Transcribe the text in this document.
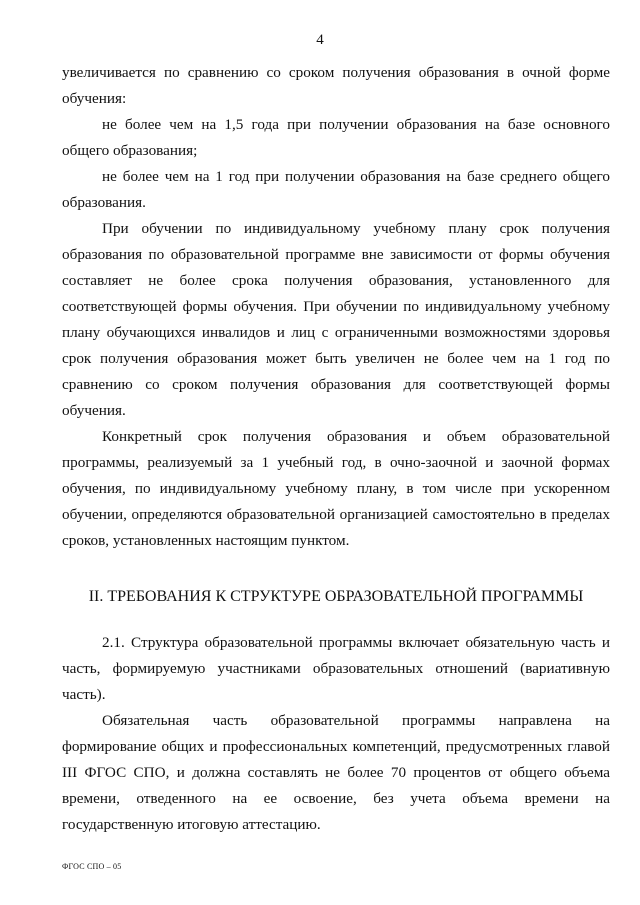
4

увеличивается по сравнению со сроком получения образования в очной форме обучения:

не более чем на 1,5 года при получении образования на базе основного общего образования;

не более чем на 1 год при получении образования на базе среднего общего образования.

При обучении по индивидуальному учебному плану срок получения образования по образовательной программе вне зависимости от формы обучения составляет не более срока получения образования, установленного для соответствующей формы обучения. При обучении по индивидуальному учебному плану обучающихся инвалидов и лиц с ограниченными возможностями здоровья срок получения образования может быть увеличен не более чем на 1 год по сравнению со сроком получения образования для соответствующей формы обучения.

Конкретный срок получения образования и объем образовательной программы, реализуемый за 1 учебный год, в очно-заочной и заочной формах обучения, по индивидуальному учебному плану, в том числе при ускоренном обучении, определяются образовательной организацией самостоятельно в пределах сроков, установленных настоящим пунктом.

II. ТРЕБОВАНИЯ К СТРУКТУРЕ ОБРАЗОВАТЕЛЬНОЙ ПРОГРАММЫ

2.1. Структура образовательной программы включает обязательную часть и часть, формируемую участниками образовательных отношений (вариативную часть).

Обязательная часть образовательной программы направлена на формирование общих и профессиональных компетенций, предусмотренных главой III ФГОС СПО, и должна составлять не более 70 процентов от общего объема времени, отведенного на ее освоение, без учета объема времени на государственную итоговую аттестацию.

ФГОС СПО – 05
